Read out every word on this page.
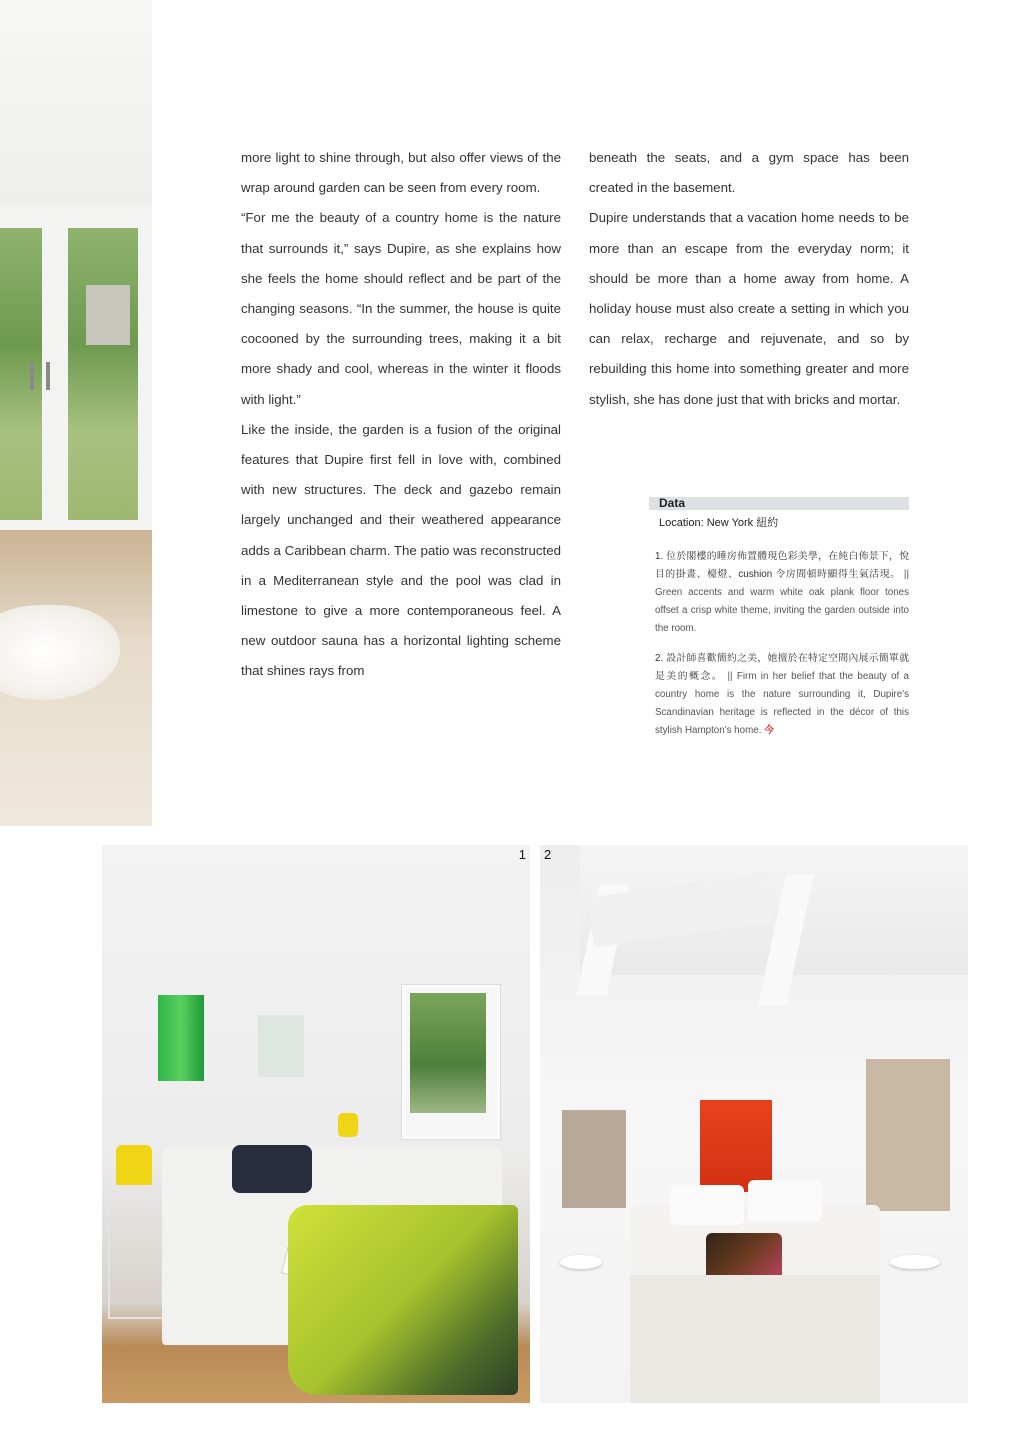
more light to shine through, but also offer views of the wrap around garden can be seen from every room.

“For me the beauty of a country home is the nature that surrounds it,” says Dupire, as she explains how she feels the home should reflect and be part of the changing seasons. “In the summer, the house is quite cocooned by the surrounding trees, making it a bit more shady and cool, whereas in the winter it floods with light.”

Like the inside, the garden is a fusion of the original features that Dupire first fell in love with, combined with new structures. The deck and gazebo remain largely unchanged and their weathered appearance adds a Caribbean charm. The patio was reconstructed in a Mediterranean style and the pool was clad in limestone to give a more contemporaneous feel. A new outdoor sauna has a horizontal lighting scheme that shines rays from

beneath the seats, and a gym space has been created in the basement.

Dupire understands that a vacation home needs to be more than an escape from the everyday norm; it should be more than a home away from home. A holiday house must also create a setting in which you can relax, recharge and rejuvenate, and so by rebuilding this home into something greater and more stylish, she has done just that with bricks and mortar.

Data
Location: New York 紐約

1. 位於閣樓的睡房佈置體現色彩美學，在純白佈景下，悅目的掛畫、檯燈、cushion 令房間頓時顯得生氣活現。 || Green accents and warm white oak plank floor tones offset a crisp white theme, inviting the garden outside into the room.

2. 設計師喜歡簡約之美，她擅於在特定空間內展示簡單就是美的概念。 || Firm in her belief that the beauty of a country home is the nature surrounding it, Dupire's Scandinavian heritage is reflected in the décor of this stylish Hampton's home. 今

1 2
